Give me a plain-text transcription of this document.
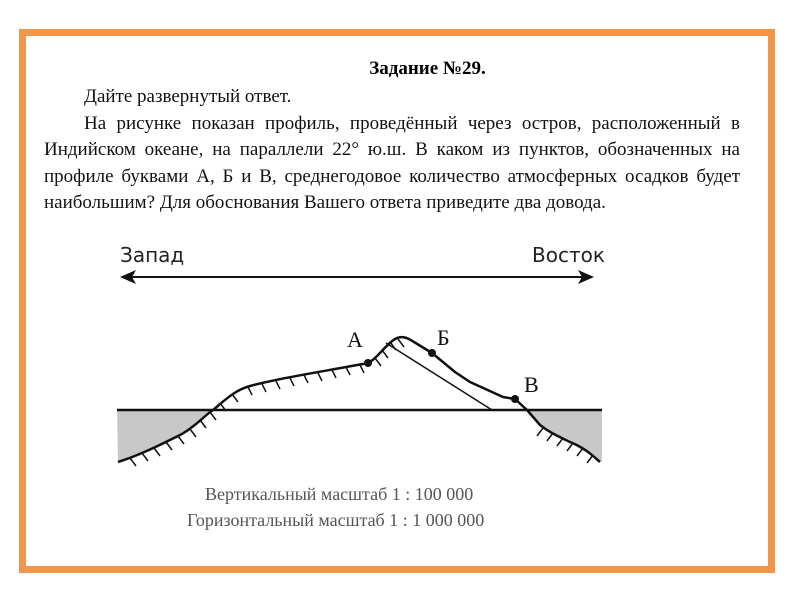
Задание №29.

Дайте развернутый ответ.

На рисунке показан профиль, проведённый через остров, расположенный в Индийском океане, на параллели 22° ю.ш. В каком из пунктов, обозначенных на профиле буквами А, Б и В, среднегодовое количество атмосферных осадков будет наибольшим? Для обоснования Вашего ответа приведите два довода.

Запад	Восток
А	Б
В
Вертикальный масштаб 1 : 100 000
Горизонтальный масштаб 1 : 1 000 000
